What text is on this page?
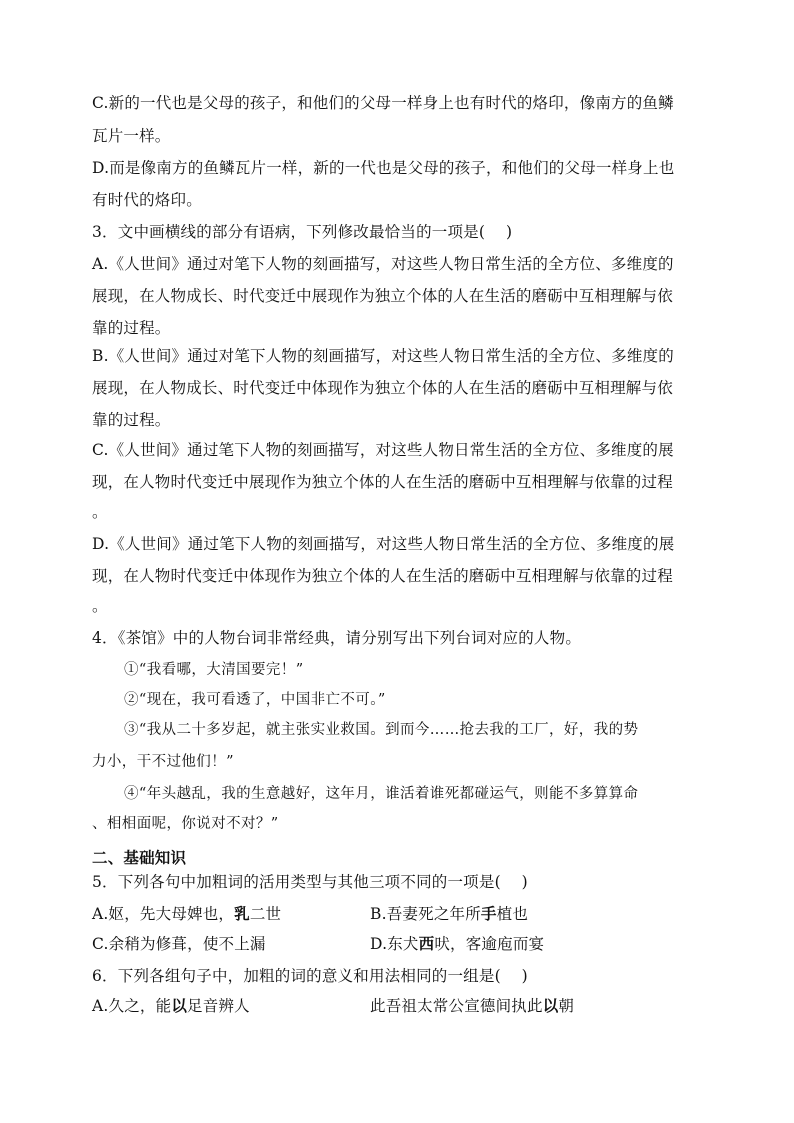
C.新的一代也是父母的孩子，和他们的父母一样身上也有时代的烙印，像南方的鱼鳞
瓦片一样。
D.而是像南方的鱼鳞瓦片一样，新的一代也是父母的孩子，和他们的父母一样身上也
有时代的烙印。
3．文中画横线的部分有语病，下列修改最恰当的一项是(　 )
A.《人世间》通过对笔下人物的刻画描写，对这些人物日常生活的全方位、多维度的
展现，在人物成长、时代变迁中展现作为独立个体的人在生活的磨砺中互相理解与依
靠的过程。
B.《人世间》通过对笔下人物的刻画描写，对这些人物日常生活的全方位、多维度的
展现，在人物成长、时代变迁中体现作为独立个体的人在生活的磨砺中互相理解与依
靠的过程。
C.《人世间》通过笔下人物的刻画描写，对这些人物日常生活的全方位、多维度的展
现，在人物时代变迁中展现作为独立个体的人在生活的磨砺中互相理解与依靠的过程
。
D.《人世间》通过笔下人物的刻画描写，对这些人物日常生活的全方位、多维度的展
现，在人物时代变迁中体现作为独立个体的人在生活的磨砺中互相理解与依靠的过程
。
4．《茶馆》中的人物台词非常经典，请分别写出下列台词对应的人物。
①“我看哪，大清国要完！”
②“现在，我可看透了，中国非亡不可。”
③“我从二十多岁起，就主张实业救国。到而今……抢去我的工厂，好，我的势
力小，干不过他们！”
④“年头越乱，我的生意越好，这年月，谁活着谁死都碰运气，则能不多算算命
、相相面呢，你说对不对？”
二、基础知识
5．下列各句中加粗词的活用类型与其他三项不同的一项是(　 )
A.妪，先大母婢也，乳二世	B.吾妻死之年所手植也
C.余稍为修葺，使不上漏	D.东犬西吠，客逾庖而宴
6．下列各组句子中，加粗的词的意义和用法相同的一组是(　 )
A.久之，能以足音辨人	此吾祖太常公宣德间执此以朝
